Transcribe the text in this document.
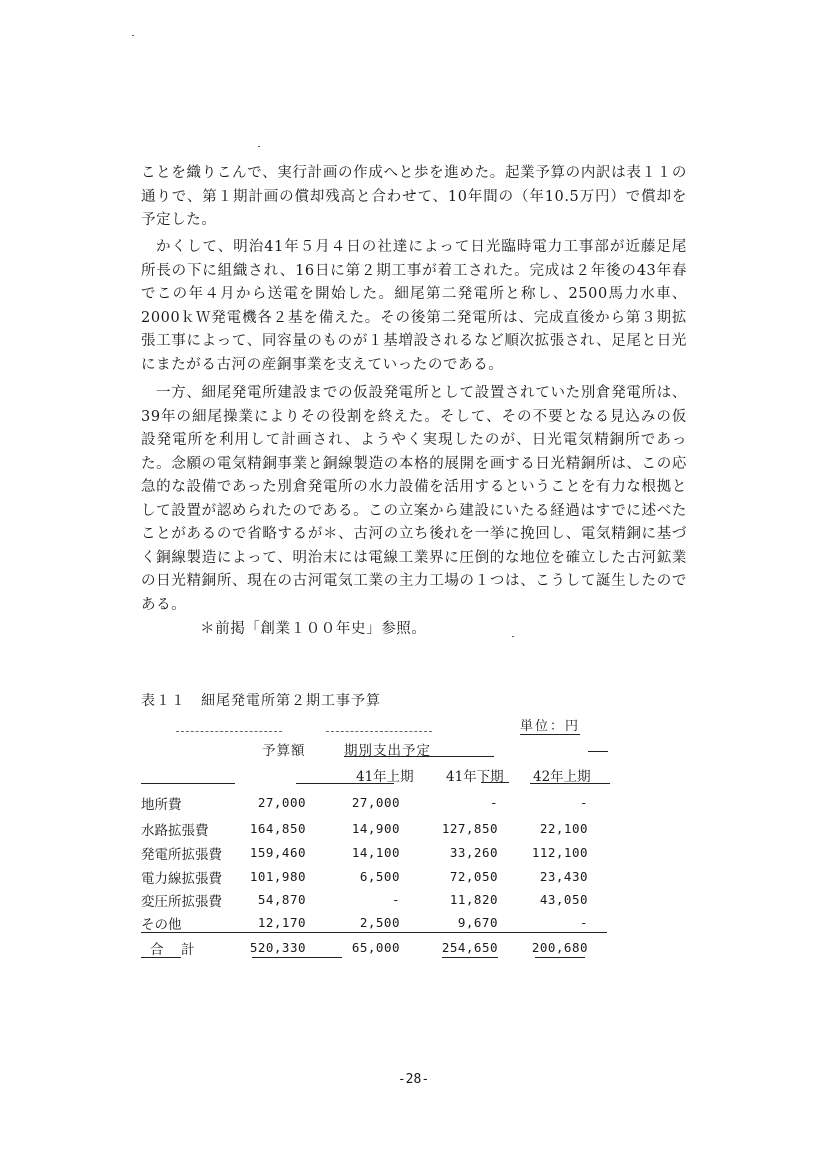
ことを織りこんで、実行計画の作成へと歩を進めた。起業予算の内訳は表１１の通りで、第１期計画の償却残高と合わせて、10年間の（年10.5万円）で償却を予定した。

かくして、明治41年５月４日の社達によって日光臨時電力工事部が近藤足尾所長の下に組織され、16日に第２期工事が着工された。完成は２年後の43年春でこの年４月から送電を開始した。細尾第二発電所と称し、2500馬力水車、2000ｋＷ発電機各２基を備えた。その後第二発電所は、完成直後から第３期拡張工事によって、同容量のものが１基増設されるなど順次拡張され、足尾と日光にまたがる古河の産銅事業を支えていったのである。

一方、細尾発電所建設までの仮設発電所として設置されていた別倉発電所は、39年の細尾操業によりその役割を終えた。そして、その不要となる見込みの仮設発電所を利用して計画され、ようやく実現したのが、日光電気精銅所であった。念願の電気精銅事業と銅線製造の本格的展開を画する日光精銅所は、この応急的な設備であった別倉発電所の水力設備を活用するということを有力な根拠として設置が認められたのである。この立案から建設にいたる経過はすでに述べたことがあるので省略するが＊、古河の立ち後れを一挙に挽回し、電気精銅に基づく銅線製造によって、明治末には電線工業界に圧倒的な地位を確立した古河鉱業の日光精銅所、現在の古河電気工業の主力工場の１つは、こうして誕生したのである。

＊前掲「創業１００年史」参照。
表１１　細尾発電所第２期工事予算
単位：円
予算額	期別支出予定
41年上期 41年下期 42年上期
地所費	27,000	27,000	-	-
水路拡張費	164,850	14,900	127,850	22,100
発電所拡張費	159,460	14,100	33,260	112,100
電力線拡張費	101,980	6,500	72,050	23,430
変圧所拡張費	54,870	-	11,820	43,050
その他	12,170	2,500	9,670	-
合　計	520,330	65,000	254,650	200,680
-28-
